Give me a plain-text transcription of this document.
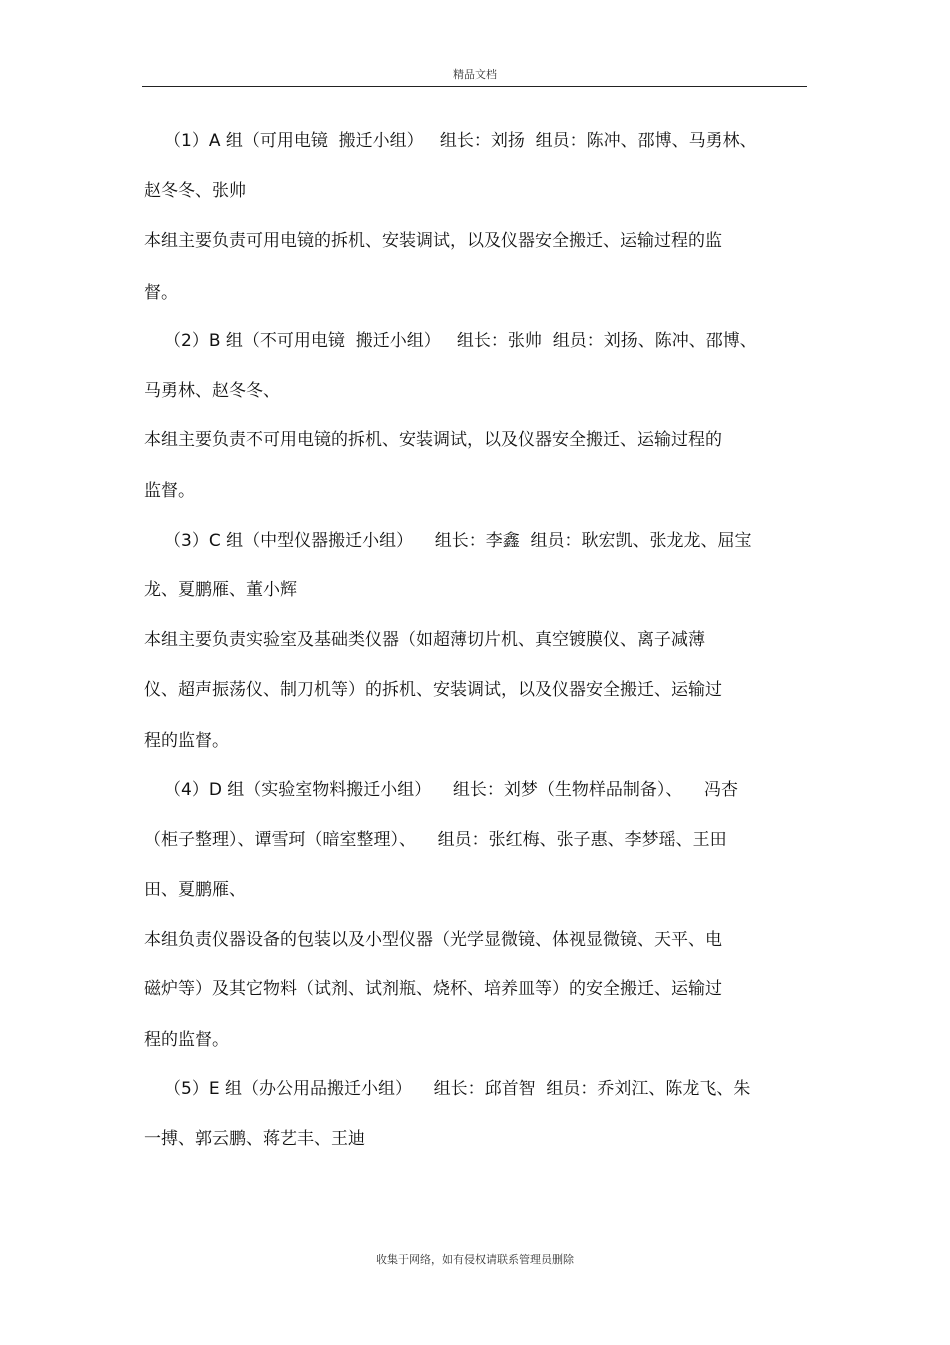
精品文档
（1）A 组（可用电镜  搬迁小组）   组长：刘扬  组员：陈冲、邵博、马勇林、
赵冬冬、张帅
本组主要负责可用电镜的拆机、安装调试，以及仪器安全搬迁、运输过程的监
督。
（2）B 组（不可用电镜  搬迁小组）   组长：张帅  组员：刘扬、陈冲、邵博、
马勇林、赵冬冬、
本组主要负责不可用电镜的拆机、安装调试，以及仪器安全搬迁、运输过程的
监督。
（3）C 组（中型仪器搬迁小组）    组长：李鑫  组员：耿宏凯、张龙龙、屈宝
龙、夏鹏雁、董小辉
本组主要负责实验室及基础类仪器（如超薄切片机、真空镀膜仪、离子减薄
仪、超声振荡仪、制刀机等）的拆机、安装调试，以及仪器安全搬迁、运输过
程的监督。
（4）D 组（实验室物料搬迁小组）    组长：刘梦（生物样品制备）、    冯杏
（柜子整理）、谭雪珂（暗室整理）、    组员：张红梅、张子惠、李梦瑶、王田
田、夏鹏雁、
本组负责仪器设备的包装以及小型仪器（光学显微镜、体视显微镜、天平、电
磁炉等）及其它物料（试剂、试剂瓶、烧杯、培养皿等）的安全搬迁、运输过
程的监督。
（5）E 组（办公用品搬迁小组）    组长：邱首智  组员：乔刘江、陈龙飞、朱
一搏、郭云鹏、蒋艺丰、王迪
收集于网络，如有侵权请联系管理员删除
